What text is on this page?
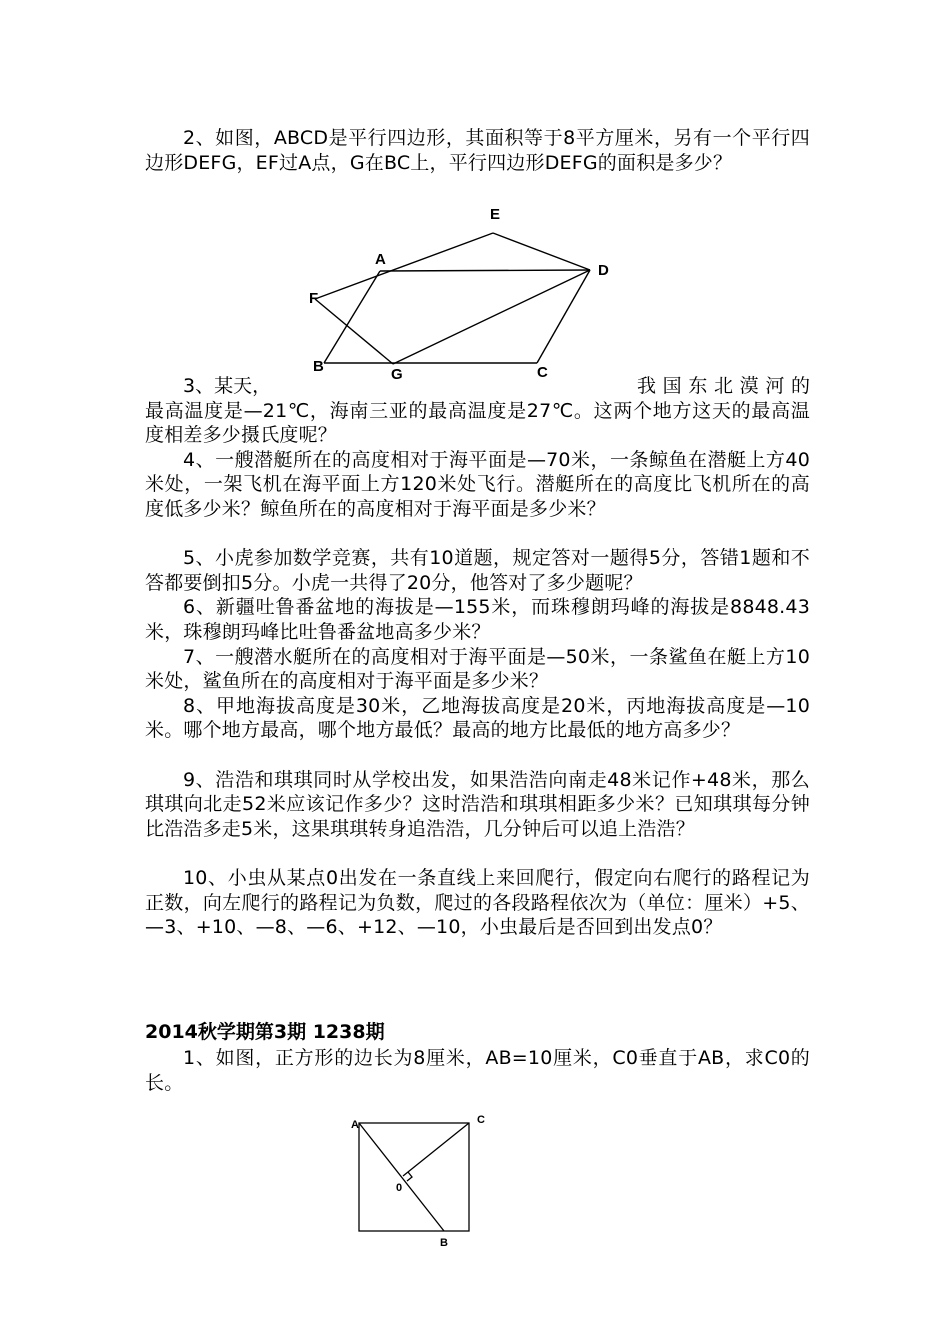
2、如图，ABCD是平行四边形，其面积等于8平方厘米，另有一个平行四边形DEFG，EF过A点，G在BC上，平行四边形DEFG的面积是多少？

E
A
D
F
B	G	C
3、某天，	我国东北漠河的

最高温度是—21℃，海南三亚的最高温度是27℃。这两个地方这天的最高温度相差多少摄氏度呢？

4、一艘潜艇所在的高度相对于海平面是—70米，一条鲸鱼在潜艇上方40米处，一架飞机在海平面上方120米处飞行。潜艇所在的高度比飞机所在的高度低多少米？鲸鱼所在的高度相对于海平面是多少米？

5、小虎参加数学竞赛，共有10道题，规定答对一题得5分，答错1题和不答都要倒扣5分。小虎一共得了20分，他答对了多少题呢？

6、新疆吐鲁番盆地的海拔是—155米，而珠穆朗玛峰的海拔是8848.43米，珠穆朗玛峰比吐鲁番盆地高多少米？

7、一艘潜水艇所在的高度相对于海平面是—50米，一条鲨鱼在艇上方10米处，鲨鱼所在的高度相对于海平面是多少米？

8、甲地海拔高度是30米，乙地海拔高度是20米，丙地海拔高度是—10米。哪个地方最高，哪个地方最低？最高的地方比最低的地方高多少？

9、浩浩和琪琪同时从学校出发，如果浩浩向南走48米记作+48米，那么琪琪向北走52米应该记作多少？这时浩浩和琪琪相距多少米？已知琪琪每分钟比浩浩多走5米，这果琪琪转身追浩浩，几分钟后可以追上浩浩？

10、小虫从某点0出发在一条直线上来回爬行，假定向右爬行的路程记为正数，向左爬行的路程记为负数，爬过的各段路程依次为（单位：厘米）+5、—3、+10、—8、—6、+12、—10，小虫最后是否回到出发点0？

2014秋学期第3期 1238期

1、如图，正方形的边长为8厘米，AB=10厘米，C0垂直于AB，求C0的长。

A	C
0
B
